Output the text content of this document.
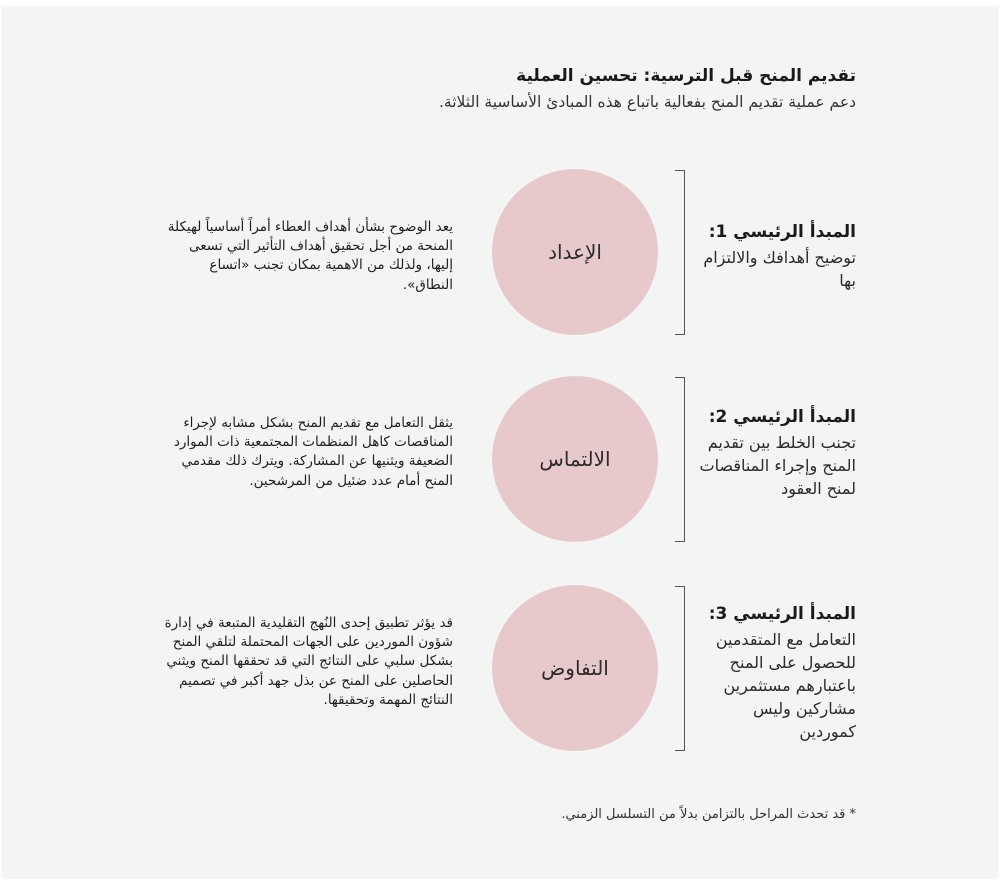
تقديم المنح قبل الترسية: تحسين العملية
دعم عملية تقديم المنح بفعالية باتباع هذه المبادئ الأساسية الثلاثة.
المبدأ الرئيسي 1:
توضيح أهدافك والالتزام بها
الإعداد
يعد الوضوح بشأن أهداف العطاء أمراً أساسياً لهيكلة المنحة من أجل تحقيق أهداف التأثير التي تسعى إليها، ولذلك من الاهمية بمكان تجنب «اتساع النطاق».
المبدأ الرئيسي 2:
تجنب الخلط بين تقديم المنح وإجراء المناقصات لمنح العقود
الالتماس
يثقل التعامل مع تقديم المنح بشكل مشابه لإجراء المناقصات كاهل المنظمات المجتمعية ذات الموارد الضعيفة ويثنيها عن المشاركة. ويترك ذلك مقدمي المنح أمام عدد ضئيل من المرشحين.
المبدأ الرئيسي 3:
التعامل مع المتقدمين للحصول على المنح باعتبارهم مستثمرين مشاركين وليس كموردين
التفاوض
قد يؤثر تطبيق إحدى النُهج التقليدية المتبعة في إدارة شؤون الموردين على الجهات المحتملة لتلقي المنح بشكل سلبي على النتائج التي قد تحققها المنح ويثني الحاصلين على المنح عن بذل جهد أكبر في تصميم النتائج المهمة وتحقيقها.
* قد تحدث المراحل بالتزامن بدلاً من التسلسل الزمني.
